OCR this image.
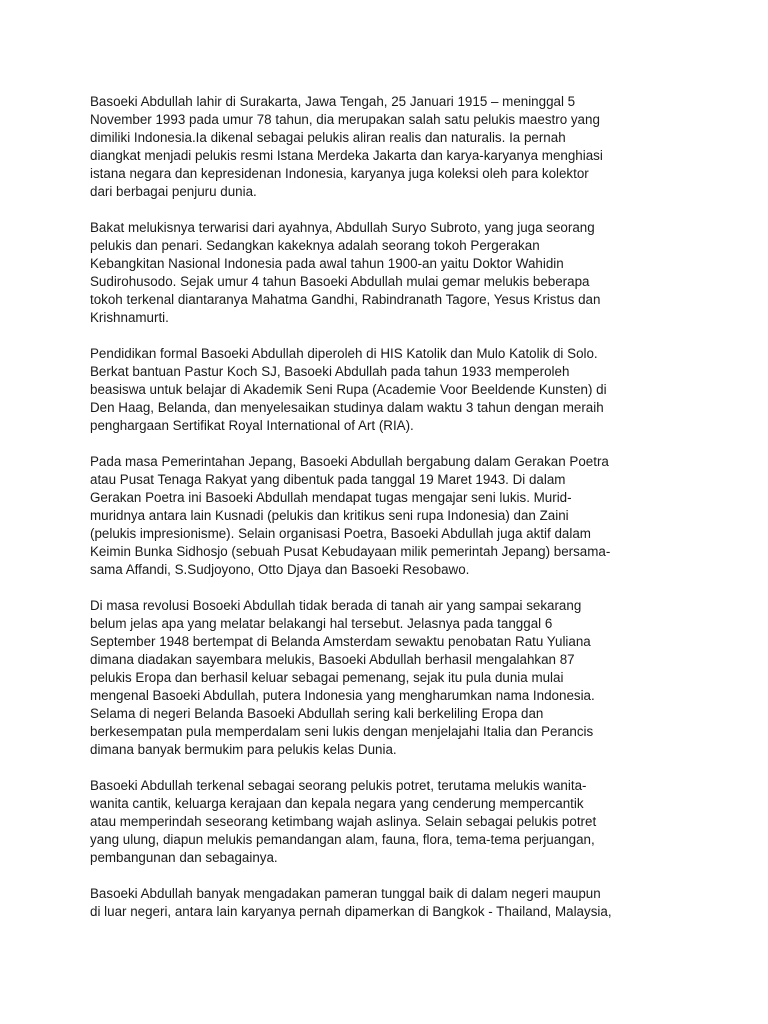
Basoeki Abdullah lahir di Surakarta, Jawa Tengah, 25 Januari 1915 – meninggal 5
November 1993 pada umur 78 tahun, dia merupakan salah satu pelukis maestro yang
dimiliki Indonesia.Ia dikenal sebagai pelukis aliran realis dan naturalis. Ia pernah
diangkat menjadi pelukis resmi Istana Merdeka Jakarta dan karya-karyanya menghiasi
istana negara dan kepresidenan Indonesia, karyanya juga koleksi oleh para kolektor
dari berbagai penjuru dunia.
Bakat melukisnya terwarisi dari ayahnya, Abdullah Suryo Subroto, yang juga seorang
pelukis dan penari. Sedangkan kakeknya adalah seorang tokoh Pergerakan
Kebangkitan Nasional Indonesia pada awal tahun 1900-an yaitu Doktor Wahidin
Sudirohusodo. Sejak umur 4 tahun Basoeki Abdullah mulai gemar melukis beberapa
tokoh terkenal diantaranya Mahatma Gandhi, Rabindranath Tagore, Yesus Kristus dan
Krishnamurti.
Pendidikan formal Basoeki Abdullah diperoleh di HIS Katolik dan Mulo Katolik di Solo.
Berkat bantuan Pastur Koch SJ, Basoeki Abdullah pada tahun 1933 memperoleh
beasiswa untuk belajar di Akademik Seni Rupa (Academie Voor Beeldende Kunsten) di
Den Haag, Belanda, dan menyelesaikan studinya dalam waktu 3 tahun dengan meraih
penghargaan Sertifikat Royal International of Art (RIA).
Pada masa Pemerintahan Jepang, Basoeki Abdullah bergabung dalam Gerakan Poetra
atau Pusat Tenaga Rakyat yang dibentuk pada tanggal 19 Maret 1943. Di dalam
Gerakan Poetra ini Basoeki Abdullah mendapat tugas mengajar seni lukis. Murid-
muridnya antara lain Kusnadi (pelukis dan kritikus seni rupa Indonesia) dan Zaini
(pelukis impresionisme). Selain organisasi Poetra, Basoeki Abdullah juga aktif dalam
Keimin Bunka Sidhosjo (sebuah Pusat Kebudayaan milik pemerintah Jepang) bersama-
sama Affandi, S.Sudjoyono, Otto Djaya dan Basoeki Resobawo.
Di masa revolusi Bosoeki Abdullah tidak berada di tanah air yang sampai sekarang
belum jelas apa yang melatar belakangi hal tersebut. Jelasnya pada tanggal 6
September 1948 bertempat di Belanda Amsterdam sewaktu penobatan Ratu Yuliana
dimana diadakan sayembara melukis, Basoeki Abdullah berhasil mengalahkan 87
pelukis Eropa dan berhasil keluar sebagai pemenang, sejak itu pula dunia mulai
mengenal Basoeki Abdullah, putera Indonesia yang mengharumkan nama Indonesia.
Selama di negeri Belanda Basoeki Abdullah sering kali berkeliling Eropa dan
berkesempatan pula memperdalam seni lukis dengan menjelajahi Italia dan Perancis
dimana banyak bermukim para pelukis kelas Dunia.
Basoeki Abdullah terkenal sebagai seorang pelukis potret, terutama melukis wanita-
wanita cantik, keluarga kerajaan dan kepala negara yang cenderung mempercantik
atau memperindah seseorang ketimbang wajah aslinya. Selain sebagai pelukis potret
yang ulung, diapun melukis pemandangan alam, fauna, flora, tema-tema perjuangan,
pembangunan dan sebagainya.
Basoeki Abdullah banyak mengadakan pameran tunggal baik di dalam negeri maupun
di luar negeri, antara lain karyanya pernah dipamerkan di Bangkok - Thailand, Malaysia,
